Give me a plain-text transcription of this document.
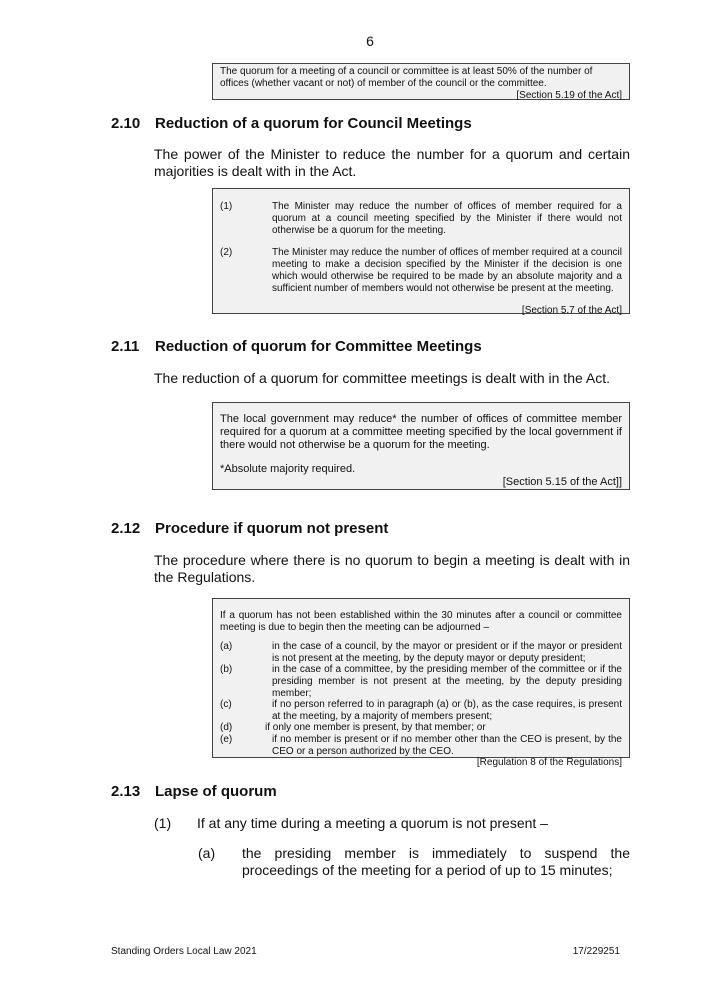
6
The quorum for a meeting of a council or committee is at least 50% of the number of offices (whether vacant or not) of member of the council or the committee.
[Section 5.19 of the Act]
2.10 Reduction of a quorum for Council Meetings
The power of the Minister to reduce the number for a quorum and certain majorities is dealt with in the Act.
(1)	The Minister may reduce the number of offices of member required for a quorum at a council meeting specified by the Minister if there would not otherwise be a quorum for the meeting.
(2)	The Minister may reduce the number of offices of member required at a council meeting to make a decision specified by the Minister if the decision is one which would otherwise be required to be made by an absolute majority and a sufficient number of members would not otherwise be present at the meeting.
[Section 5.7 of the Act]
2.11 Reduction of quorum for Committee Meetings
The reduction of a quorum for committee meetings is dealt with in the Act.
The local government may reduce* the number of offices of committee member required for a quorum at a committee meeting specified by the local government if there would not otherwise be a quorum for the meeting.
*Absolute majority required.
[Section 5.15 of the Act]]
2.12 Procedure if quorum not present
The procedure where there is no quorum to begin a meeting is dealt with in the Regulations.
If a quorum has not been established within the 30 minutes after a council or committee meeting is due to begin then the meeting can be adjourned –
(a)	in the case of a council, by the mayor or president or if the mayor or president is not present at the meeting, by the deputy mayor or deputy president;
(b)	in the case of a committee, by the presiding member of the committee or if the presiding member is not present at the meeting, by the deputy presiding member;
(c)	if no person referred to in paragraph (a) or (b), as the case requires, is present at the meeting, by a majority of members present;
(d)	if only one member is present, by that member; or
(e)	if no member is present or if no member other than the CEO is present, by the CEO or a person authorized by the CEO.
[Regulation 8 of the Regulations]
2.13 Lapse of quorum
(1) If at any time during a meeting a quorum is not present –
(a) the presiding member is immediately to suspend the proceedings of the meeting for a period of up to 15 minutes;
Standing Orders Local Law 2021	17/229251
